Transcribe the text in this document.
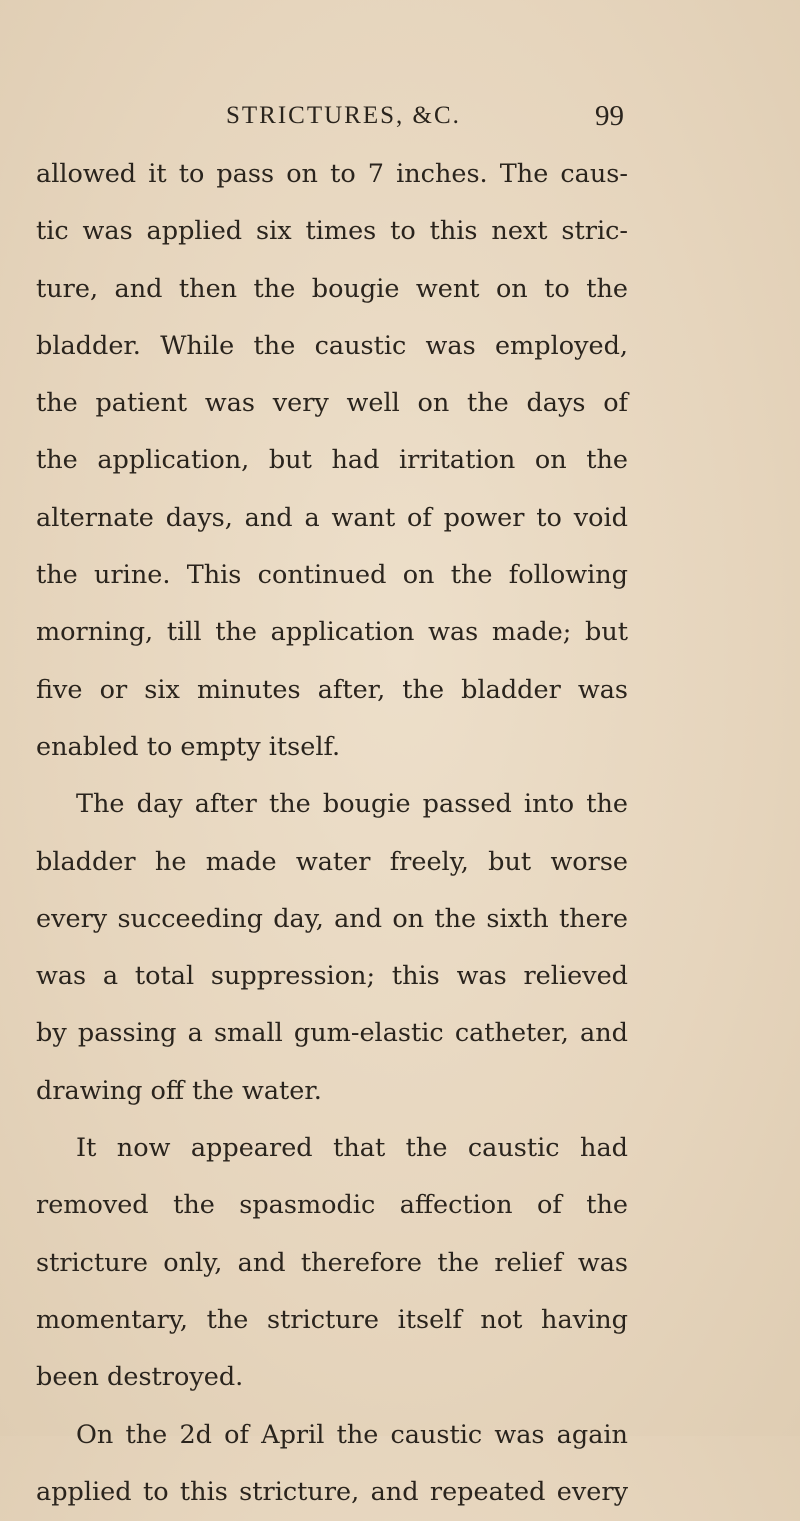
STRICTURES, &C.	99
allowed it to pass on to 7 inches. The caus-
tic was applied six times to this next stric-
ture, and then the bougie went on to the
bladder. While the caustic was employed,
the patient was very well on the days of
the application, but had irritation on the
alternate days, and a want of power to void
the urine. This continued on the following
morning, till the application was made; but
five or six minutes after, the bladder was
enabled to empty itself.
The day after the bougie passed into the
bladder he made water freely, but worse
every succeeding day, and on the sixth there
was a total suppression; this was relieved
by passing a small gum-elastic catheter, and
drawing off the water.
It now appeared that the caustic had
removed the spasmodic affection of the
stricture only, and therefore the relief was
momentary, the stricture itself not having
been destroyed.
On the 2d of April the caustic was again
applied to this stricture, and repeated every
